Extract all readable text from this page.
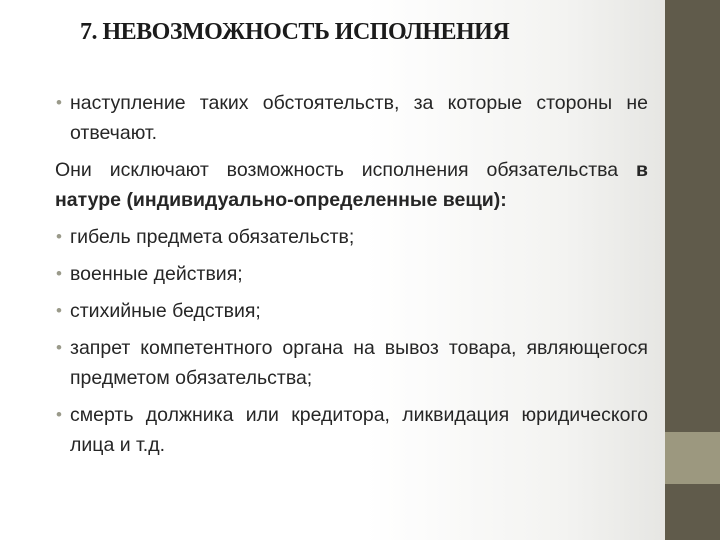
7. НЕВОЗМОЖНОСТЬ ИСПОЛНЕНИЯ
• наступление таких обстоятельств, за которые стороны не отвечают.
Они исключают возможность исполнения обязательства в натуре (индивидуально-определенные вещи):
• гибель предмета обязательств;
• военные действия;
• стихийные бедствия;
• запрет компетентного органа на вывоз товара, являющегося предметом обязательства;
• смерть должника или кредитора, ликвидация юридического лица и т.д.
